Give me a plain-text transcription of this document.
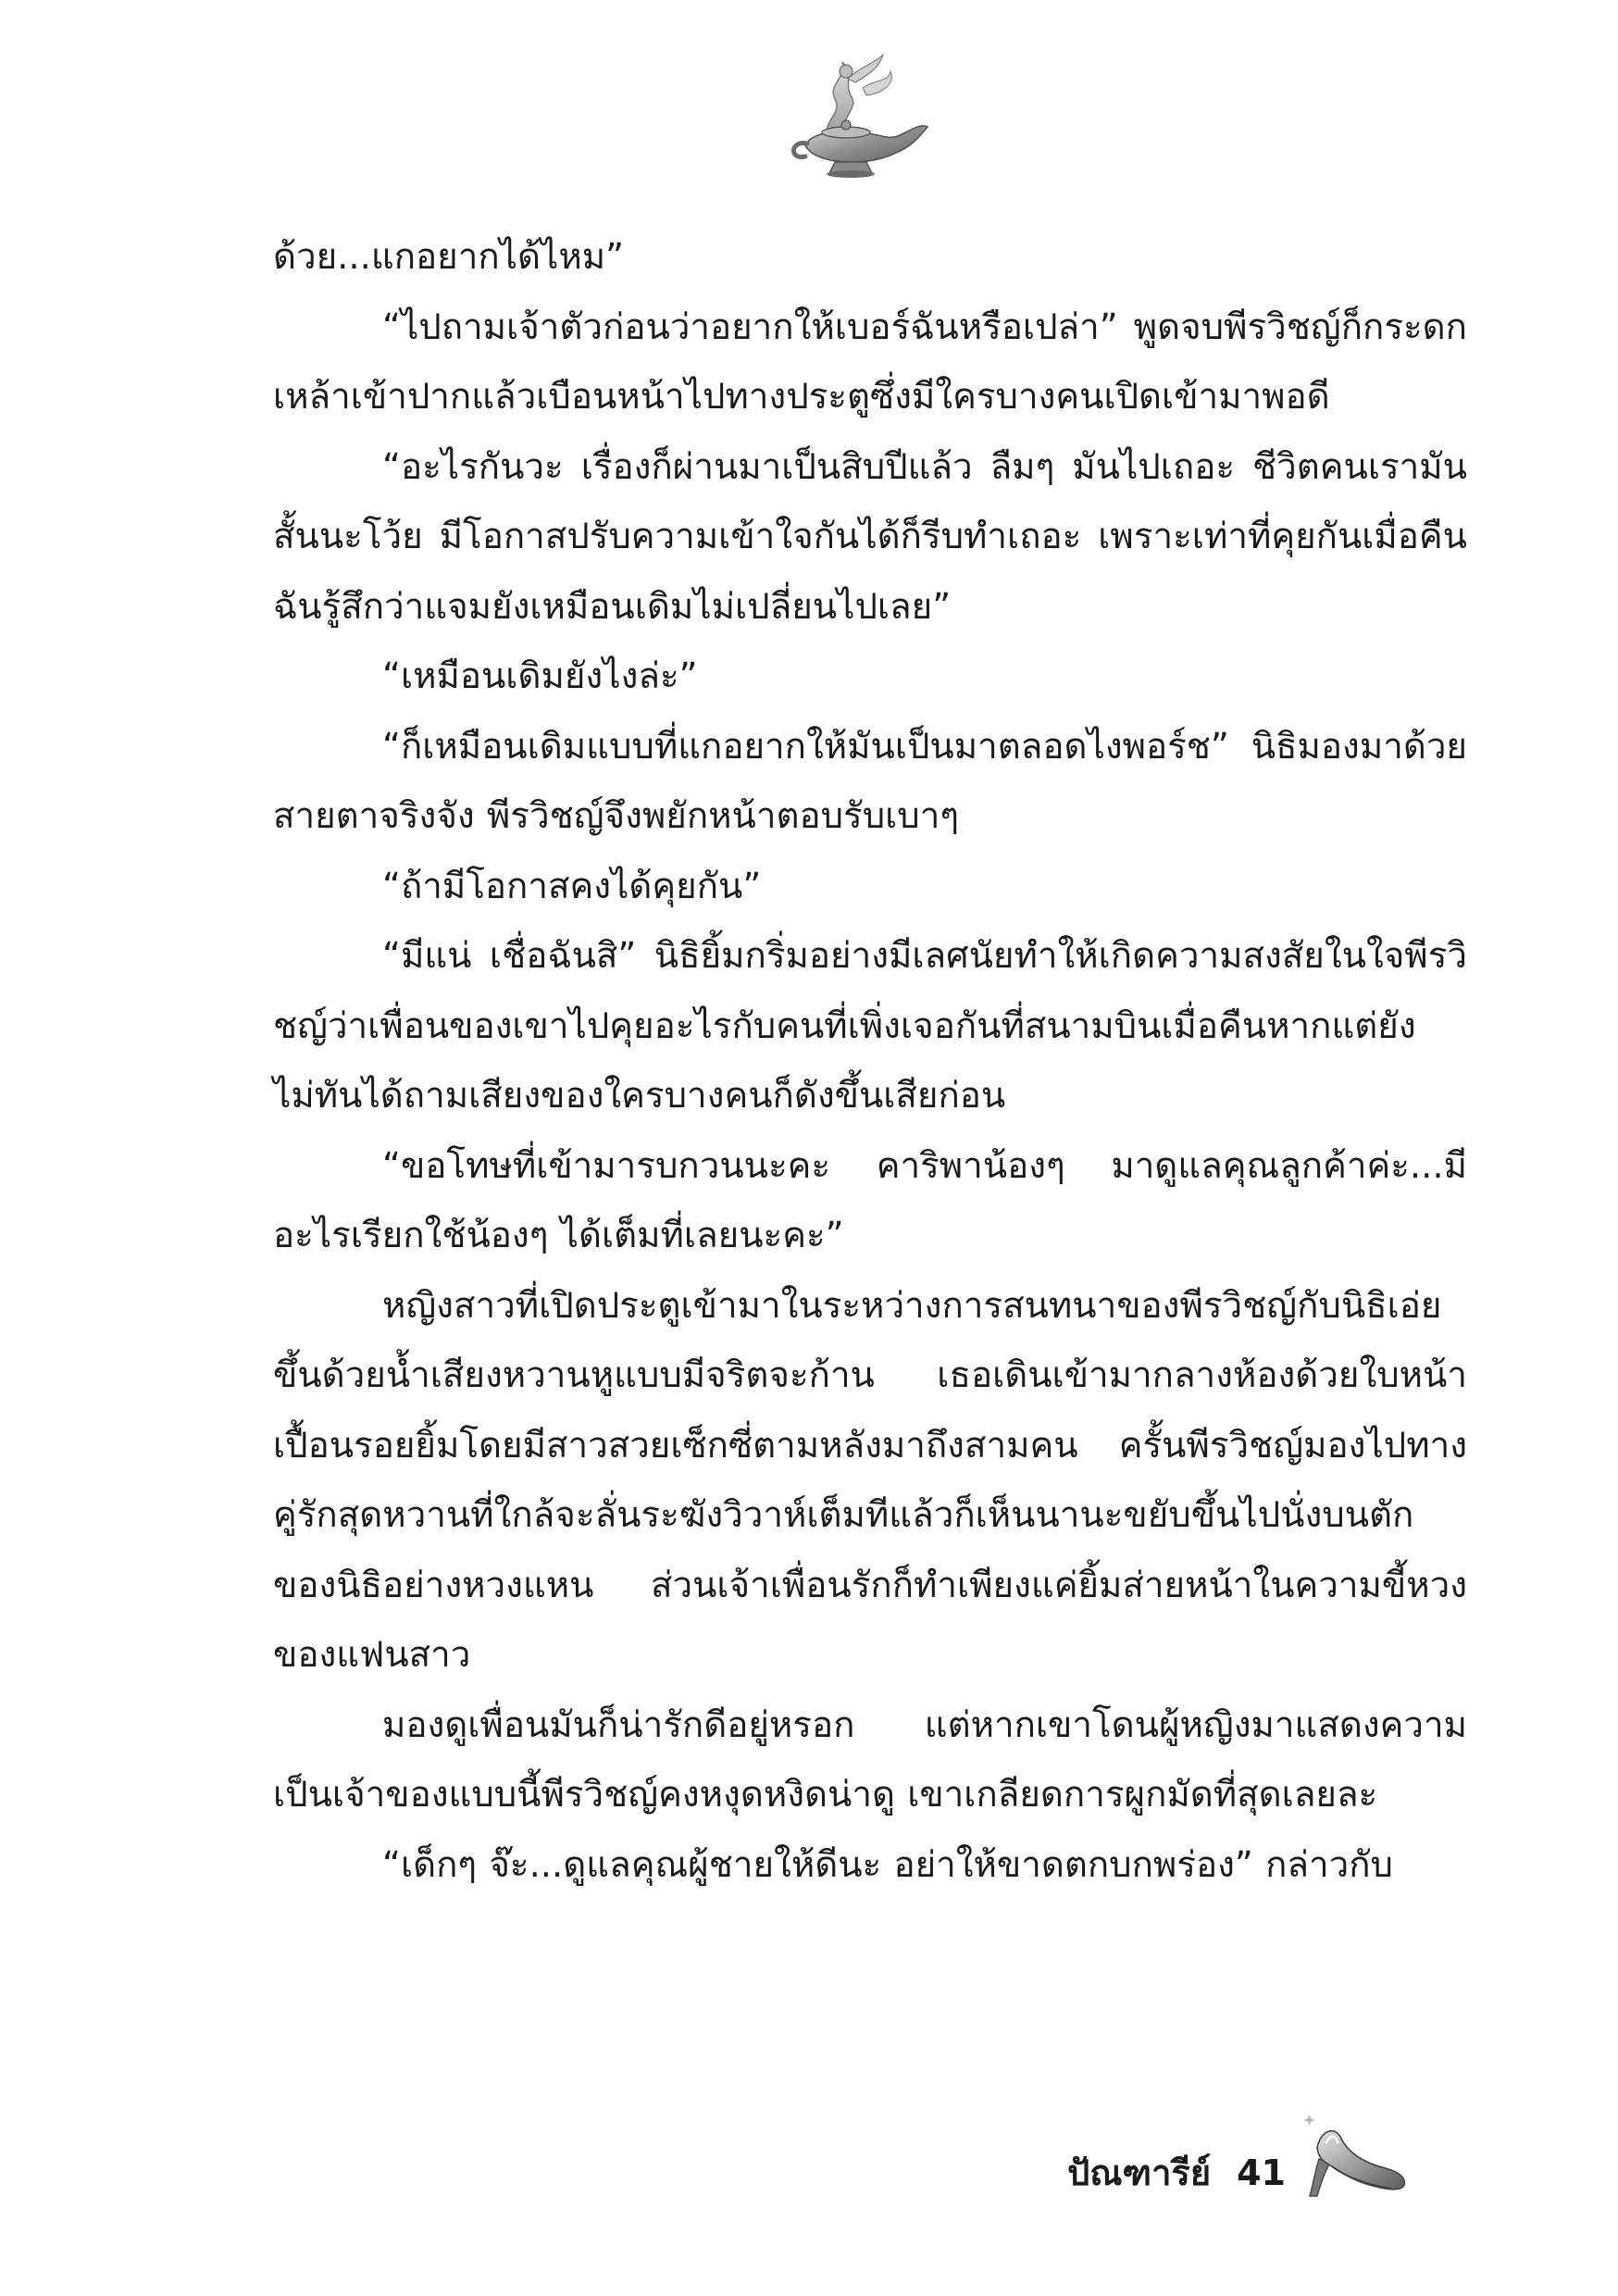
ด้วย...แกอยากได้ไหม”

“ไปถามเจ้าตัวก่อนว่าอยากให้เบอร์ฉันหรือเปล่า” พูดจบพีรวิชญ์ก็กระดกเหล้าเข้าปากแล้วเบือนหน้าไปทางประตูซึ่งมีใครบางคนเปิดเข้ามาพอดี

“อะไรกันวะ เรื่องก็ผ่านมาเป็นสิบปีแล้ว ลืมๆ มันไปเถอะ ชีวิตคนเรามันสั้นนะโว้ย มีโอกาสปรับความเข้าใจกันได้ก็รีบทำเถอะ เพราะเท่าที่คุยกันเมื่อคืน ฉันรู้สึกว่าแจมยังเหมือนเดิมไม่เปลี่ยนไปเลย”

“เหมือนเดิมยังไงล่ะ”

“ก็เหมือนเดิมแบบที่แกอยากให้มันเป็นมาตลอดไงพอร์ช” นิธิมองมาด้วยสายตาจริงจัง พีรวิชญ์จึงพยักหน้าตอบรับเบาๆ

“ถ้ามีโอกาสคงได้คุยกัน”

“มีแน่ เชื่อฉันสิ” นิธิยิ้มกริ่มอย่างมีเลศนัยทำให้เกิดความสงสัยในใจพีรวิชญ์ว่าเพื่อนของเขาไปคุยอะไรกับคนที่เพิ่งเจอกันที่สนามบินเมื่อคืนหากแต่ยังไม่ทันได้ถามเสียงของใครบางคนก็ดังขึ้นเสียก่อน

“ขอโทษที่เข้ามารบกวนนะคะ คาริพาน้องๆ มาดูแลคุณลูกค้าค่ะ...มีอะไรเรียกใช้น้องๆ ได้เต็มที่เลยนะคะ”

หญิงสาวที่เปิดประตูเข้ามาในระหว่างการสนทนาของพีรวิชญ์กับนิธิเอ่ยขึ้นด้วยน้ำเสียงหวานหูแบบมีจริตจะก้าน เธอเดินเข้ามากลางห้องด้วยใบหน้าเปื้อนรอยยิ้มโดยมีสาวสวยเซ็กซี่ตามหลังมาถึงสามคน ครั้นพีรวิชญ์มองไปทางคู่รักสุดหวานที่ใกล้จะลั่นระฆังวิวาห์เต็มทีแล้วก็เห็นนานะขยับขึ้นไปนั่งบนตักของนิธิอย่างหวงแหน ส่วนเจ้าเพื่อนรักก็ทำเพียงแค่ยิ้มส่ายหน้าในความขี้หวงของแฟนสาว

มองดูเพื่อนมันก็น่ารักดีอยู่หรอก แต่หากเขาโดนผู้หญิงมาแสดงความเป็นเจ้าของแบบนี้พีรวิชญ์คงหงุดหงิดน่าดู เขาเกลียดการผูกมัดที่สุดเลยละ

“เด็กๆ จ๊ะ...ดูแลคุณผู้ชายให้ดีนะ อย่าให้ขาดตกบกพร่อง” กล่าวกับ

ปัณฑารีย์ 41
